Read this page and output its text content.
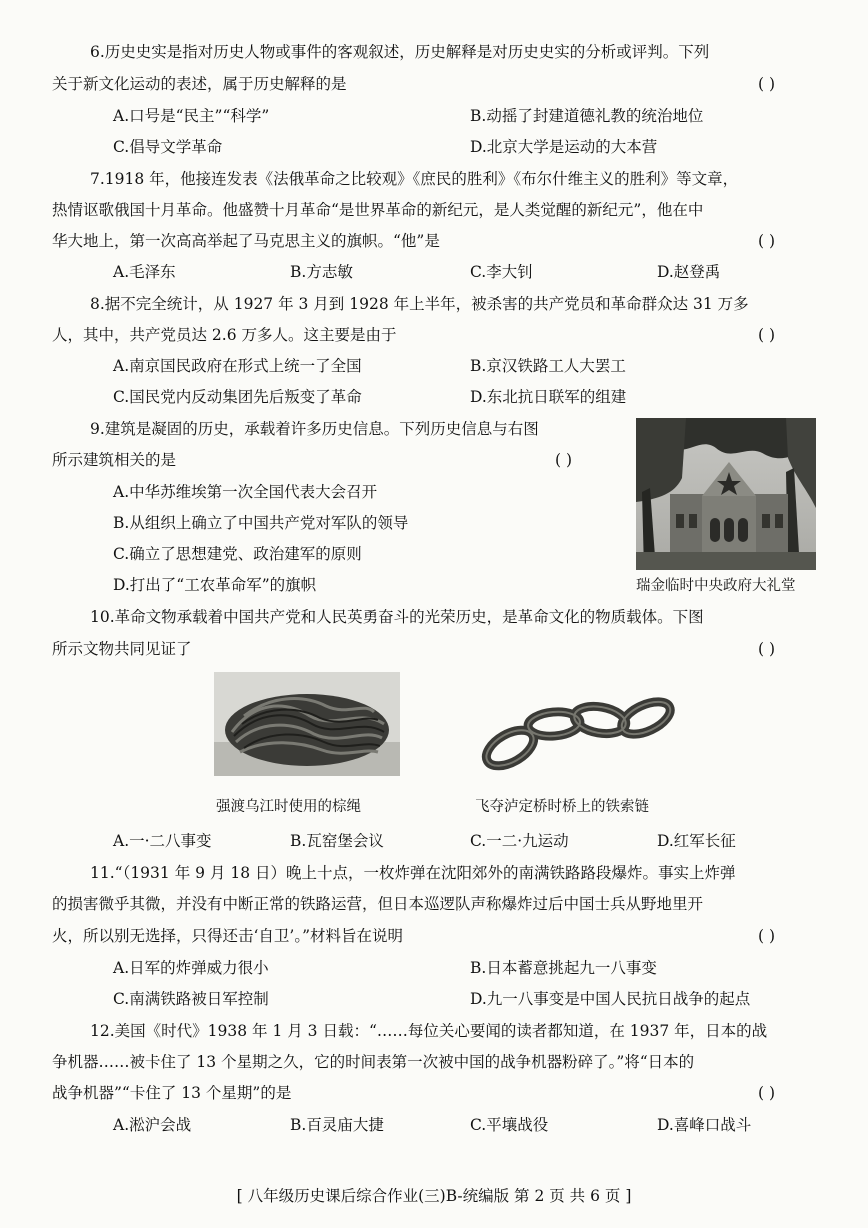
6.历史史实是指对历史人物或事件的客观叙述，历史解释是对历史史实的分析或评判。下列
关于新文化运动的表述，属于历史解释的是	( )
A.口号是“民主”“科学”	B.动摇了封建道德礼教的统治地位
C.倡导文学革命	D.北京大学是运动的大本营
7.1918 年，他接连发表《法俄革命之比较观》《庶民的胜利》《布尔什维主义的胜利》等文章，
热情讴歌俄国十月革命。他盛赞十月革命“是世界革命的新纪元，是人类觉醒的新纪元”，他在中
华大地上，第一次高高举起了马克思主义的旗帜。“他”是	( )
A.毛泽东	B.方志敏	C.李大钊	D.赵登禹
8.据不完全统计，从 1927 年 3 月到 1928 年上半年，被杀害的共产党员和革命群众达 31 万多
人，其中，共产党员达 2.6 万多人。这主要是由于	( )
A.南京国民政府在形式上统一了全国	B.京汉铁路工人大罢工
C.国民党内反动集团先后叛变了革命	D.东北抗日联军的组建
9.建筑是凝固的历史，承载着许多历史信息。下列历史信息与右图
所示建筑相关的是	( )
A.中华苏维埃第一次全国代表大会召开
B.从组织上确立了中国共产党对军队的领导
C.确立了思想建党、政治建军的原则
D.打出了“工农革命军”的旗帜	瑞金临时中央政府大礼堂
10.革命文物承载着中国共产党和人民英勇奋斗的光荣历史，是革命文化的物质载体。下图
所示文物共同见证了	( )
强渡乌江时使用的棕绳	飞夺泸定桥时桥上的铁索链
A.一·二八事变	B.瓦窑堡会议	C.一二·九运动	D.红军长征
11.“（1931 年 9 月 18 日）晚上十点，一枚炸弹在沈阳郊外的南满铁路路段爆炸。事实上炸弹
的损害微乎其微，并没有中断正常的铁路运营，但日本巡逻队声称爆炸过后中国士兵从野地里开
火，所以别无选择，只得还击‘自卫’。”材料旨在说明	( )
A.日军的炸弹威力很小	B.日本蓄意挑起九一八事变
C.南满铁路被日军控制	D.九一八事变是中国人民抗日战争的起点
12.美国《时代》1938 年 1 月 3 日载：“……每位关心要闻的读者都知道，在 1937 年，日本的战
争机器……被卡住了 13 个星期之久，它的时间表第一次被中国的战争机器粉碎了。”将“日本的
战争机器”“卡住了 13 个星期”的是	( )
A.淞沪会战	B.百灵庙大捷	C.平壤战役	D.喜峰口战斗
[ 八年级历史课后综合作业(三)B-统编版 第 2 页 共 6 页 ]
